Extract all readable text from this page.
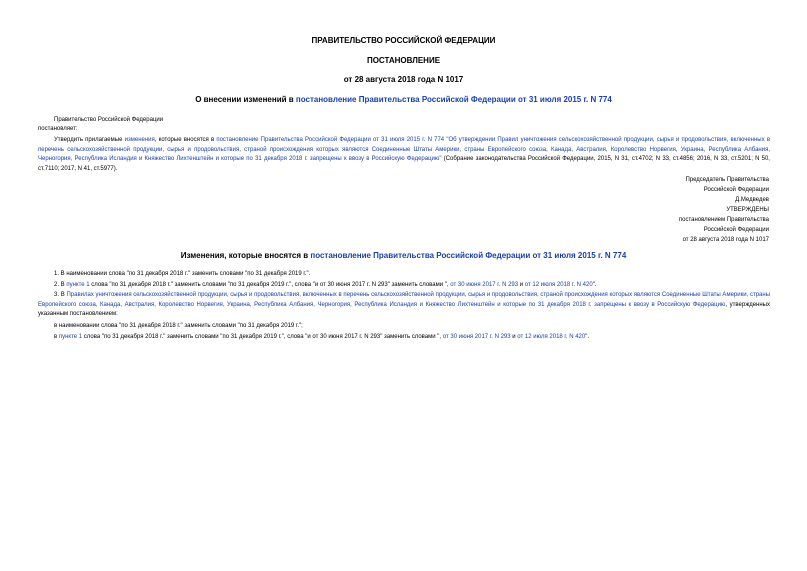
ПРАВИТЕЛЬСТВО РОССИЙСКОЙ ФЕДЕРАЦИИ
ПОСТАНОВЛЕНИЕ
от 28 августа 2018 года N 1017
О внесении изменений в постановление Правительства Российской Федерации от 31 июля 2015 г. N 774
Правительство Российской Федерации
постановляет:
Утвердить прилагаемые изменения, которые вносятся в постановление Правительства Российской Федерации от 31 июля 2015 г. N 774 "Об утверждении Правил уничтожения сельскохозяйственной продукции, сырья и продовольствия, включенных в перечень сельскохозяйственной продукции, сырья и продовольствия, страной происхождения которых являются Соединенные Штаты Америки, страны Европейского союза, Канада, Австралия, Королевство Норвегия, Украина, Республика Албания, Черногория, Республика Исландия и Княжество Лихтенштейн и которые по 31 декабря 2018 г. запрещены к ввозу в Российскую Федерацию" (Собрание законодательства Российской Федерации, 2015, N 31, ст.4702; N 33, ст.4856; 2016, N 33, ст.5201; N 50, ст.7110; 2017, N 41, ст.5977).
Председатель Правительства
Российской Федерации
Д.Медведев
УТВЕРЖДЕНЫ
постановлением Правительства
Российской Федерации
от 28 августа 2018 года N 1017
Изменения, которые вносятся в постановление Правительства Российской Федерации от 31 июля 2015 г. N 774
1. В наименовании слова "по 31 декабря 2018 г." заменить словами "по 31 декабря 2019 г.".
2. В пункте 1 слова "по 31 декабря 2018 г." заменить словами "по 31 декабря 2019 г.", слова "и от 30 июня 2017 г. N 293" заменить словами ", от 30 июня 2017 г. N 293 и от 12 июля 2018 г. N 420".
3. В Правилах уничтожения сельскохозяйственной продукции, сырья и продовольствия, включенных в перечень сельскохозяйственной продукции, сырья и продовольствия, страной происхождения которых являются Соединенные Штаты Америки, страны Европейского союза, Канада, Австралия, Королевство Норвегия, Украина, Республика Албания, Черногория, Республика Исландия и Княжество Лихтенштейн и которые по 31 декабря 2018 г. запрещены к ввозу в Российскую Федерацию, утвержденных указанным постановлением:
в наименовании слова "по 31 декабря 2018 г." заменить словами "по 31 декабря 2019 г.";
в пункте 1 слова "по 31 декабря 2018 г." заменить словами "по 31 декабря 2019 г.", слова "и от 30 июня 2017 г. N 293" заменить словами ", от 30 июня 2017 г. N 293 и от 12 июля 2018 г. N 420".
